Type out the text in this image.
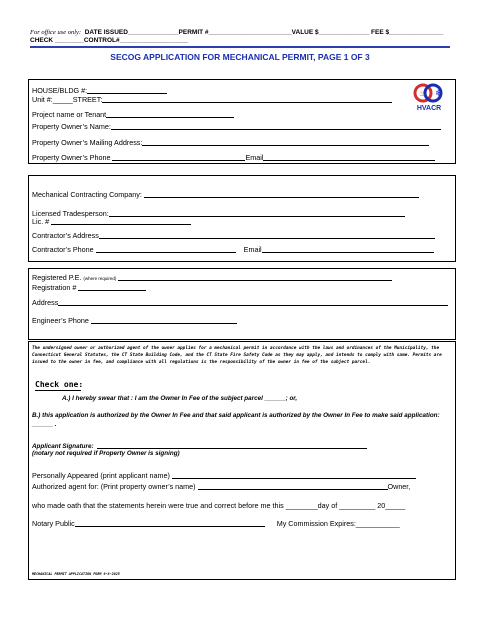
For office use only: DATE ISSUED______________PERMIT #_______________________VALUE $______________ FEE $_______________
CHECK ________CONTROL#___________________
SECOG APPLICATION FOR MECHANICAL PERMIT, PAGE 1 OF 3
❄
♨
HVACR
HOUSE/BLDG #:
Unit #:_____STREET:
Project name or Tenant
Property Owner’s Name:
Property Owner’s Mailing Address:
Property Owner’s Phone	Email
Mechanical Contracting Company:
Licensed Tradesperson:
Lic. #
Contractor’s Address
Contractor’s Phone	Email
Registered P.E. (where required)
Registration #
Address
Engineer’s Phone
The undersigned owner or authorized agent of the owner applies for a mechanical permit in accordance with the laws and ordinances of the Municipality, the Connecticut General Statutes, the CT State Building Code, and the CT State Fire Safety Code as they may apply, and intends to comply with same. Permits are issued to the owner in fee, and compliance with all regulations is the responsibility of the owner in fee of the subject parcel.
Check one:
A.) I hereby swear that : I am the Owner In Fee of the subject parcel ______; or,
B.) this application is authorized by the Owner In Fee and that said applicant is authorized by the Owner In Fee to make said application: ______ .
Applicant Signature:
(notary not required if Property Owner is signing)
Personally Appeared (print applicant name)
Authorized agent for: (Print property owner’s name)	Owner,
who made oath that the statements herein were true and correct before me this ________day of _________ 20_____
Notary Public	My Commission Expires:___________
MECHANICAL PERMIT APPLICATION FORM 9-8-2025
